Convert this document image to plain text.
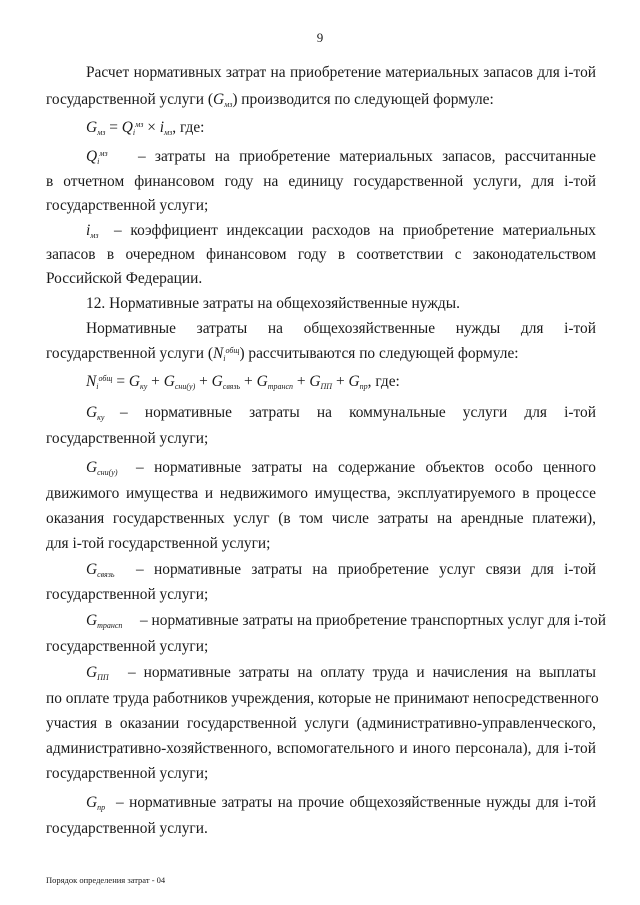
9
Расчет нормативных затрат на приобретение материальных запасов для i-той
государственной услуги $(G_{мз})$ производится по следующей формуле:
$G_{мз} = Q_i^{мз} \times i_{мз}$, где:
$Q_i^{мз}$ – затраты на приобретение материальных запасов, рассчитанные
в отчетном финансовом году на единицу государственной услуги, для i-той
государственной услуги;
$i_{мз}$ – коэффициент индексации расходов на приобретение материальных
запасов в очередном финансовом году в соответствии с законодательством
Российской Федерации.
12. Нормативные затраты на общехозяйственные нужды.
Нормативные затраты на общехозяйственные нужды для i-той
государственной услуги $(N_i^{общ})$ рассчитываются по следующей формуле:
$N_i^{общ} = G_{ку} + G_{сни(у)} + G_{связь} + G_{трансп} + G_{ПП} + G_{пр}$, где:
$G_{ку}$ – нормативные затраты на коммунальные услуги для i-той
государственной услуги;
$G_{сни(у)}$ – нормативные затраты на содержание объектов особо ценного
движимого имущества и недвижимого имущества, эксплуатируемого в процессе
оказания государственных услуг (в том числе затраты на арендные платежи),
для i-той государственной услуги;
$G_{связь}$ – нормативные затраты на приобретение услуг связи для i-той
государственной услуги;
$G_{трансп}$ – нормативные затраты на приобретение транспортных услуг для i-той
государственной услуги;
$G_{ПП}$ – нормативные затраты на оплату труда и начисления на выплаты
по оплате труда работников учреждения, которые не принимают непосредственного
участия в оказании государственной услуги (административно-управленческого,
административно-хозяйственного, вспомогательного и иного персонала), для i-той
государственной услуги;
$G_{пр}$ – нормативные затраты на прочие общехозяйственные нужды для i-той
государственной услуги.
Порядок определения затрат - 04
